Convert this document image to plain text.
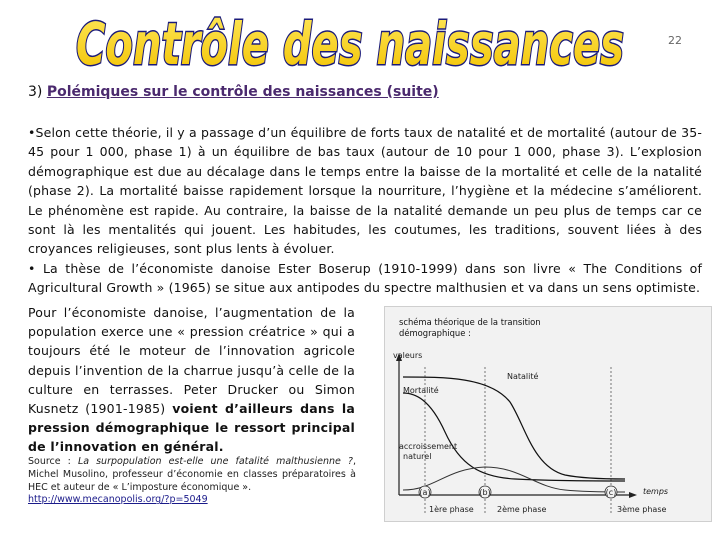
Contrôle des naissances	22
3) Polémiques sur le contrôle des naissances (suite)

•Selon cette théorie, il y a passage d’un équilibre de forts taux de natalité et de mortalité (autour de 35-45 pour 1 000, phase 1) à un équilibre de bas taux (autour de 10 pour 1 000, phase 3). L’explosion démographique est due au décalage dans le temps entre la baisse de la mortalité et celle de la natalité (phase 2). La mortalité baisse rapidement lorsque la nourriture, l’hygiène et la médecine s’améliorent. Le phénomène est rapide. Au contraire, la baisse de la natalité demande un peu plus de temps car ce sont là les mentalités qui jouent. Les habitudes, les coutumes, les traditions, souvent liées à des croyances religieuses, sont plus lents à évoluer.

• La thèse de l’économiste danoise Ester Boserup (1910-1999) dans son livre « The Conditions of Agricultural Growth » (1965) se situe aux antipodes du spectre malthusien et va dans un sens optimiste.

Pour l’économiste danoise, l’augmentation de la population exerce une « pression créatrice » qui a toujours été le moteur de l’innovation agricole depuis l’invention de la charrue jusqu’à celle de la culture en terrasses. Peter Drucker ou Simon Kusnetz (1901-1985) voient d’ailleurs dans la pression démographique le ressort principal de l’innovation en général.

Source : La surpopulation est-elle une fatalité malthusienne ?, Michel Musolino, professeur d’économie en classes préparatoires à HEC et auteur de « L’imposture économique ».
http://www.mecanopolis.org/?p=5049
schéma théorique de la transition
démographique :
valeurs
temps
Natalité
Mortalité
accroissement
naturel
(a)	(b)	(c)
1ère phase	2ème phase	3ème phase
